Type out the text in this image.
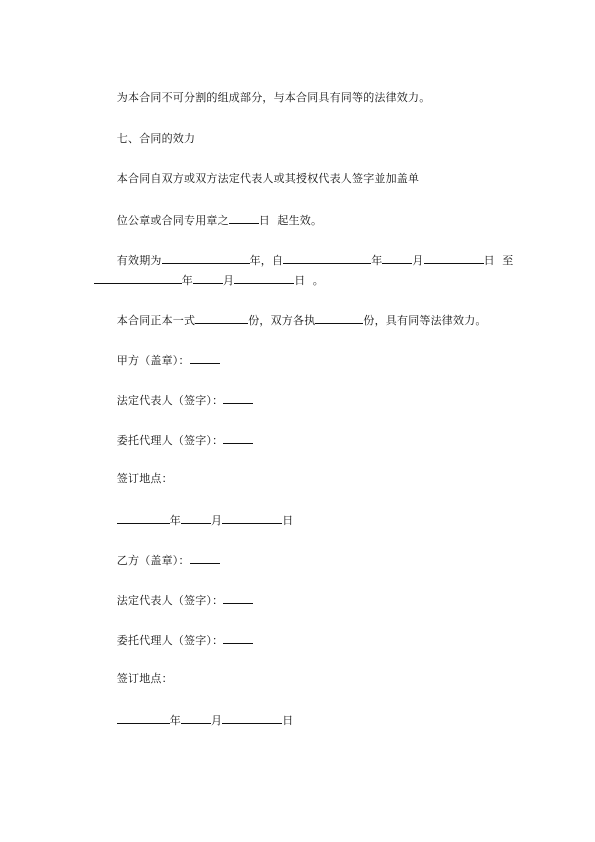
为本合同不可分割的组成部分，与本合同具有同等的法律效力。

七、合同的效力

本合同自双方或双方法定代表人或其授权代表人签字並加盖单

位公章或合同专用章之	日  起生效。

有效期为	年，自	年	月	日  至

年	月	日  。

本合同正本一式	份，双方各执	份，具有同等法律效力。

甲方（盖章）：

法定代表人（签字）：

委托代理人（签字）：

签订地点：

年	月	日

乙方（盖章）：

法定代表人（签字）：

委托代理人（签字）：

签订地点：

年	月	日
